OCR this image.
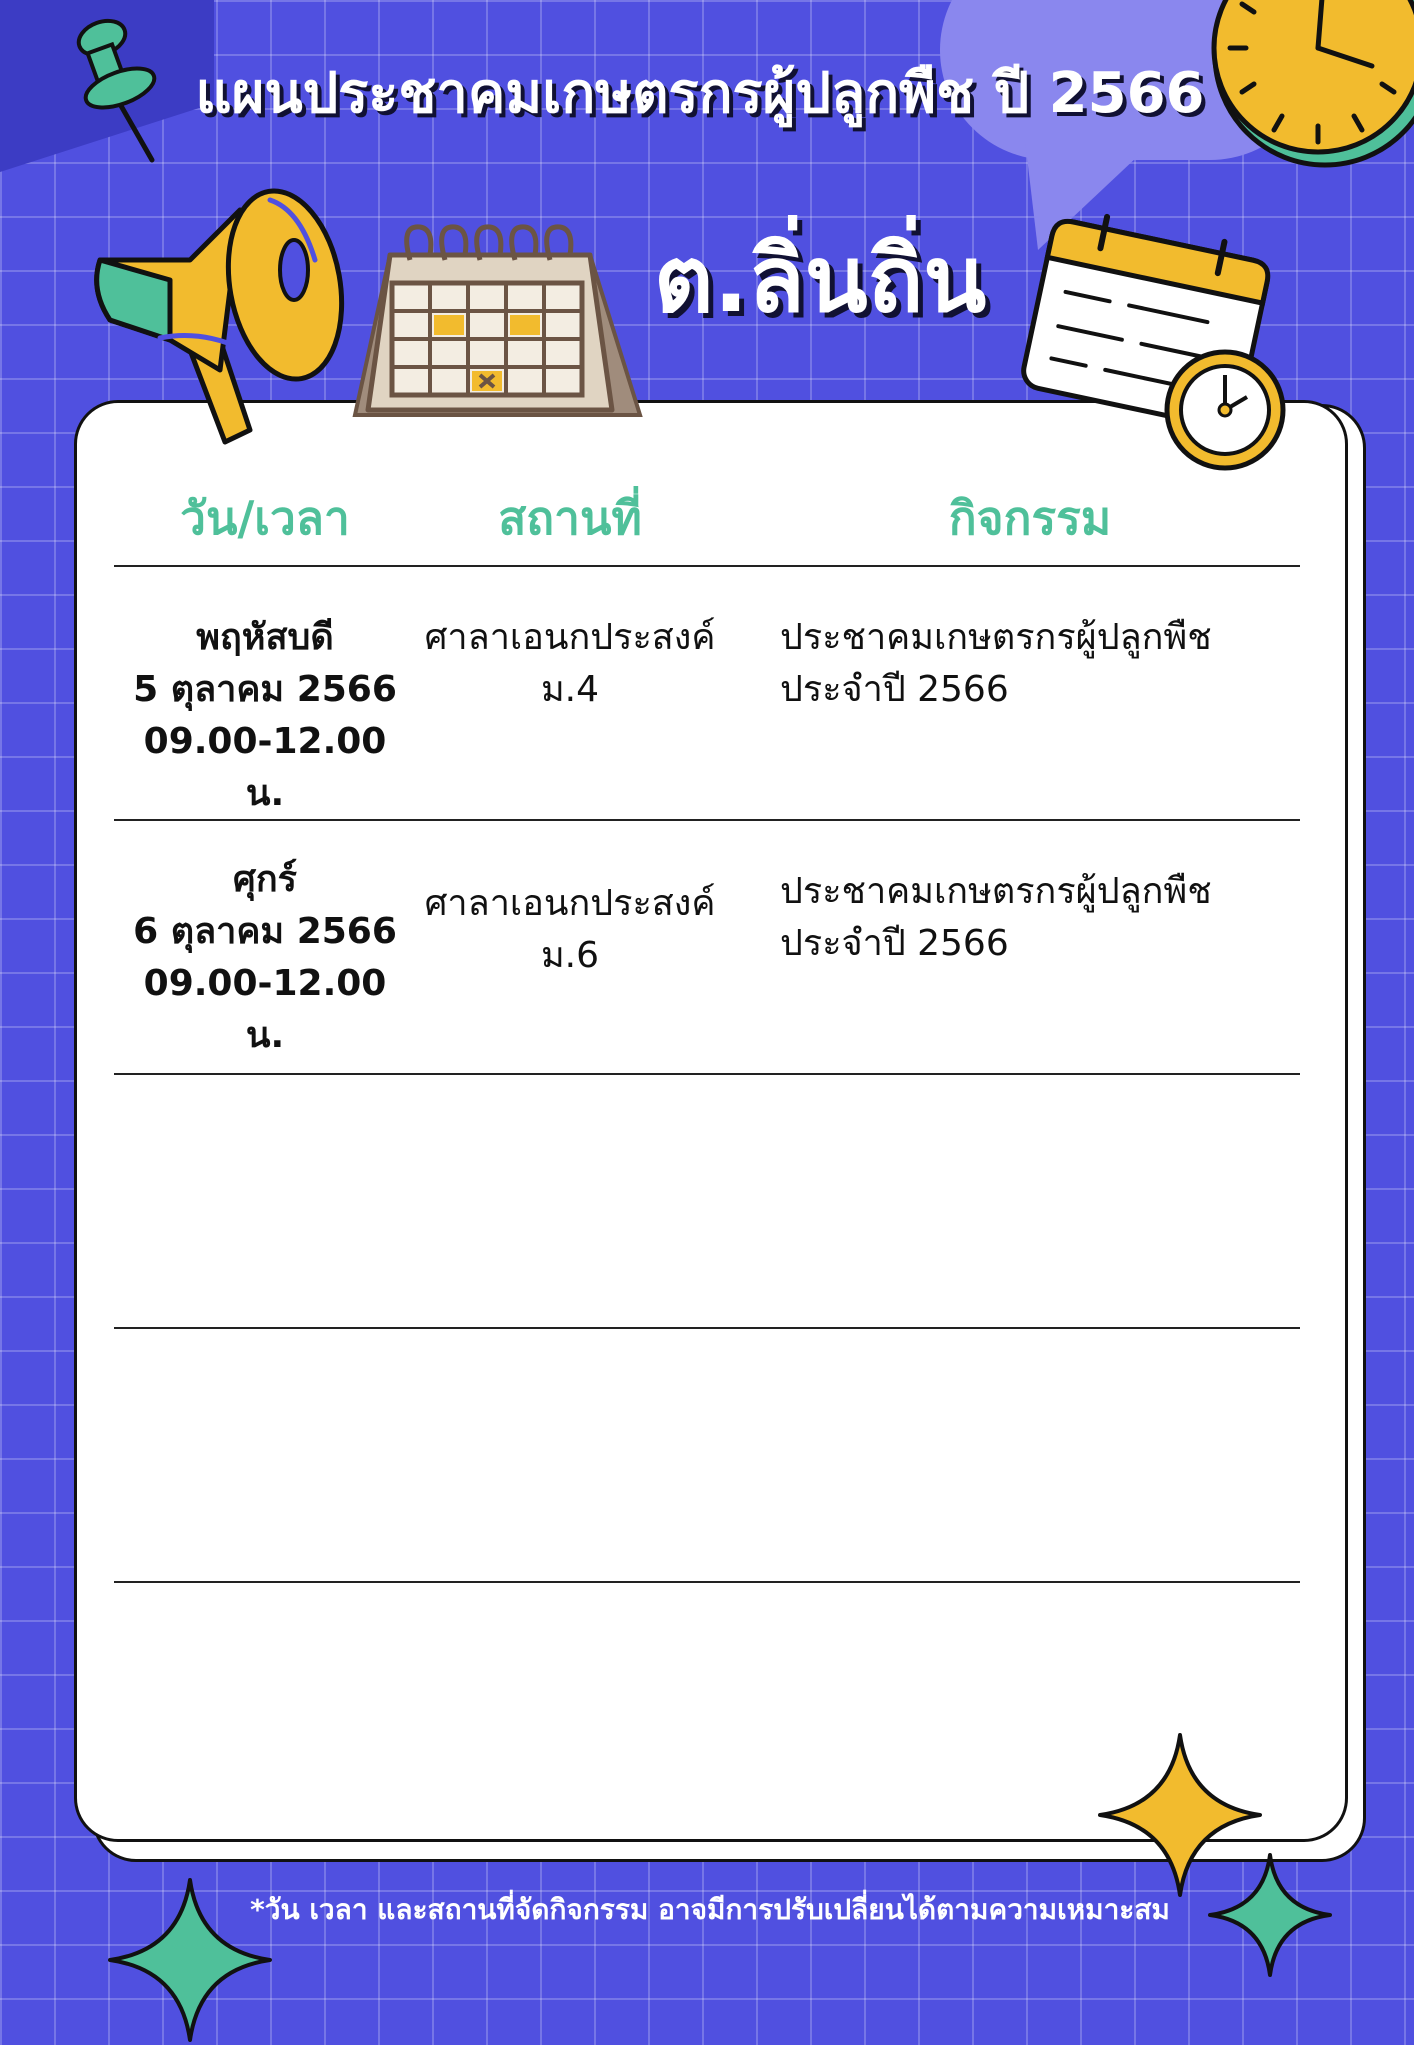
แผนประชาคมเกษตรกรผู้ปลูกพืช ปี 2566
ต.ลิ่นถิ่น
วัน/เวลา	สถานที่	กิจกรรม
พฤหัสบดี
5 ตุลาคม 2566
09.00-12.00 น.
ศาลาเอนกประสงค์
ม.4
ประชาคมเกษตรกรผู้ปลูกพืช
ประจำปี 2566
ศุกร์
6 ตุลาคม 2566
09.00-12.00 น.
ศาลาเอนกประสงค์
ม.6
ประชาคมเกษตรกรผู้ปลูกพืช
ประจำปี 2566
*วัน เวลา และสถานที่จัดกิจกรรม อาจมีการปรับเปลี่ยนได้ตามความเหมาะสม
